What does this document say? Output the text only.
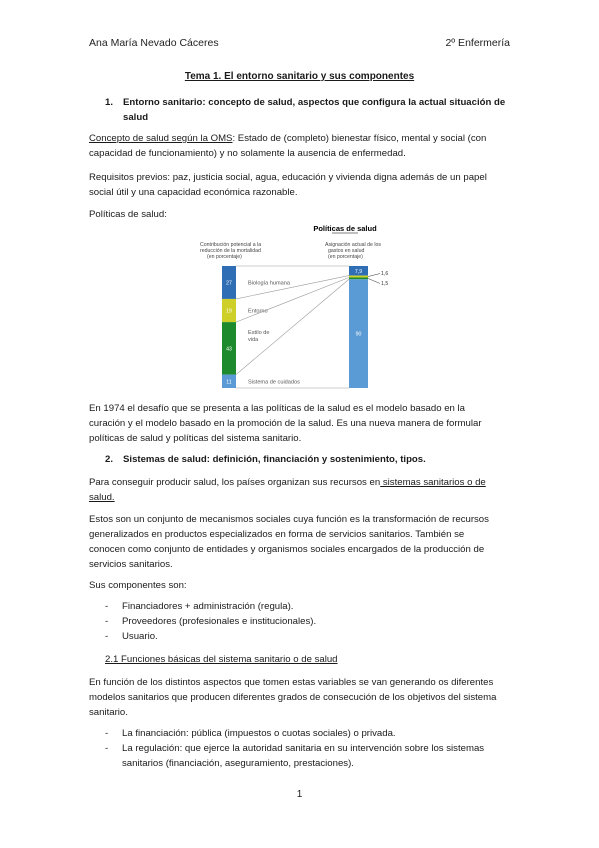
Ana María Nevado Cáceres	2º Enfermería
Tema 1. El entorno sanitario y sus componentes
1. Entorno sanitario: concepto de salud, aspectos que configura la actual situación de
salud
Concepto de salud según la OMS: Estado de (completo) bienestar físico, mental y social (con
capacidad de funcionamiento) y no solamente la ausencia de enfermedad.
Requisitos previos: paz, justicia social, agua, educación y vivienda digna además de un papel
social útil y una capacidad económica razonable.
Políticas de salud:
Políticas de salud
Contribución potencial a la
reducción de la mortalidad
(en porcentaje)
Asignación actual de los
gastos en salud
(en porcentaje)
27
19
43
11
7,9
90
1,6
1,5
Biología humana
Entorno
Estilo de
vida
Sistema de cuidados
En 1974 el desafío que se presenta a las políticas de la salud es el modelo basado en la
curación y el modelo basado en la promoción de la salud. Es una nueva manera de formular
políticas de salud y políticas del sistema sanitario.
2. Sistemas de salud: definición, financiación y sostenimiento, tipos.
Para conseguir producir salud, los países organizan sus recursos en sistemas sanitarios o de
salud.
Estos son un conjunto de mecanismos sociales cuya función es la transformación de recursos
generalizados en productos especializados en forma de servicios sanitarios. También se
conocen como conjunto de entidades y organismos sociales encargados de la producción de
servicios sanitarios.
Sus componentes son:
- Financiadores + administración (regula).
- Proveedores (profesionales e institucionales).
- Usuario.
2.1 Funciones básicas del sistema sanitario o de salud
En función de los distintos aspectos que tomen estas variables se van generando os diferentes
modelos sanitarios que producen diferentes grados de consecución de los objetivos del sistema
sanitario.
- La financiación: pública (impuestos o cuotas sociales) o privada.
- La regulación: que ejerce la autoridad sanitaria en su intervención sobre los sistemas
sanitarios (financiación, aseguramiento, prestaciones).
1
